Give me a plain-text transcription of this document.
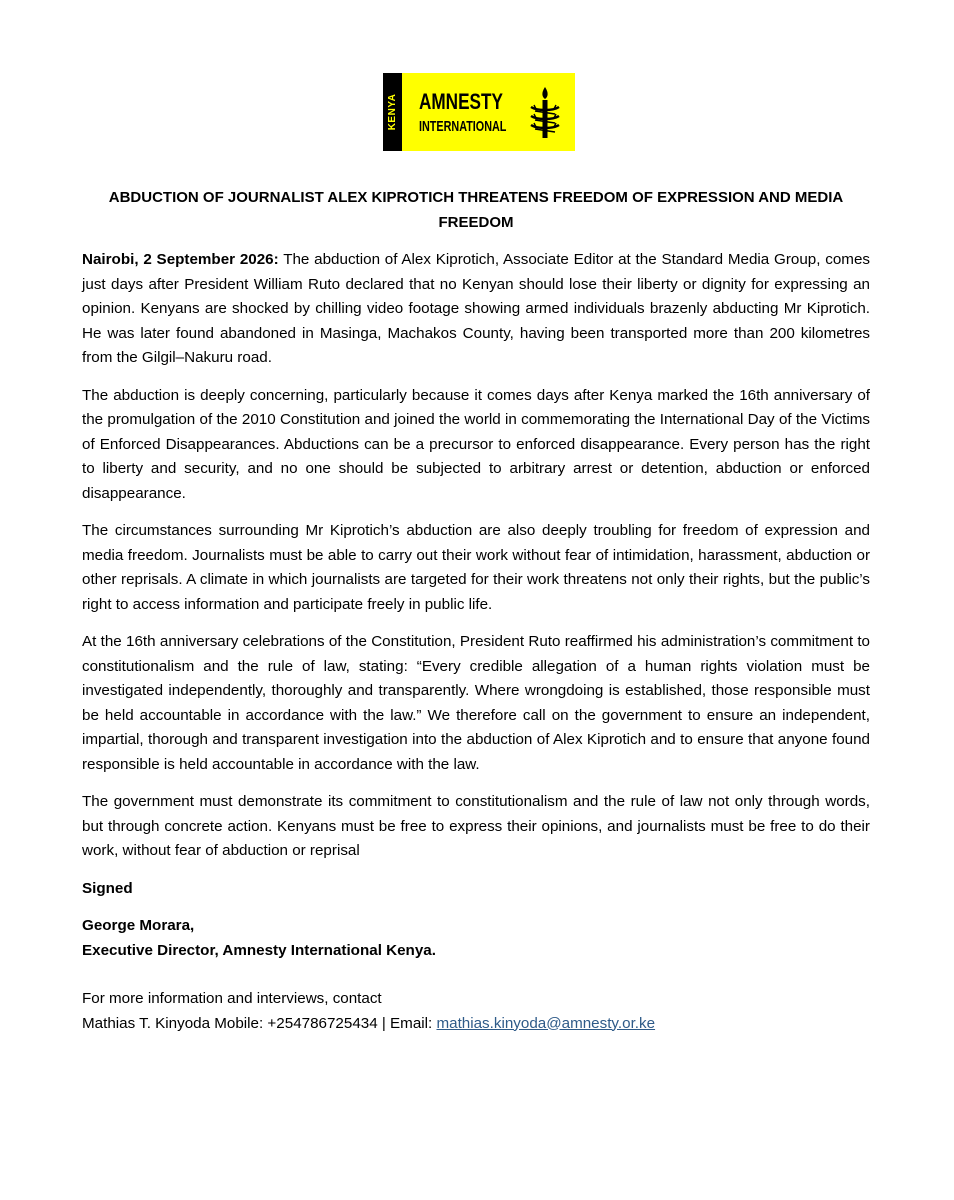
KENYA AMNESTY
INTERNATIONAL
ABDUCTION OF JOURNALIST ALEX KIPROTICH THREATENS FREEDOM OF EXPRESSION AND MEDIA FREEDOM

Nairobi, 2 September 2026: The abduction of Alex Kiprotich, Associate Editor at the Standard Media Group, comes just days after President William Ruto declared that no Kenyan should lose their liberty or dignity for expressing an opinion. Kenyans are shocked by chilling video footage showing armed individuals brazenly abducting Mr Kiprotich. He was later found abandoned in Masinga, Machakos County, having been transported more than 200 kilometres from the Gilgil–Nakuru road.

The abduction is deeply concerning, particularly because it comes days after Kenya marked the 16th anniversary of the promulgation of the 2010 Constitution and joined the world in commemorating the International Day of the Victims of Enforced Disappearances. Abductions can be a precursor to enforced disappearance. Every person has the right to liberty and security, and no one should be subjected to arbitrary arrest or detention, abduction or enforced disappearance.

The circumstances surrounding Mr Kiprotich’s abduction are also deeply troubling for freedom of expression and media freedom. Journalists must be able to carry out their work without fear of intimidation, harassment, abduction or other reprisals. A climate in which journalists are targeted for their work threatens not only their rights, but the public’s right to access information and participate freely in public life.

At the 16th anniversary celebrations of the Constitution, President Ruto reaffirmed his administration’s commitment to constitutionalism and the rule of law, stating: “Every credible allegation of a human rights violation must be investigated independently, thoroughly and transparently. Where wrongdoing is established, those responsible must be held accountable in accordance with the law.” We therefore call on the government to ensure an independent, impartial, thorough and transparent investigation into the abduction of Alex Kiprotich and to ensure that anyone found responsible is held accountable in accordance with the law.

The government must demonstrate its commitment to constitutionalism and the rule of law not only through words, but through concrete action. Kenyans must be free to express their opinions, and journalists must be free to do their work, without fear of abduction or reprisal

Signed
George Morara,
Executive Director, Amnesty International Kenya.
For more information and interviews, contact
Mathias T. Kinyoda Mobile: +254786725434 | Email: mathias.kinyoda@amnesty.or.ke
